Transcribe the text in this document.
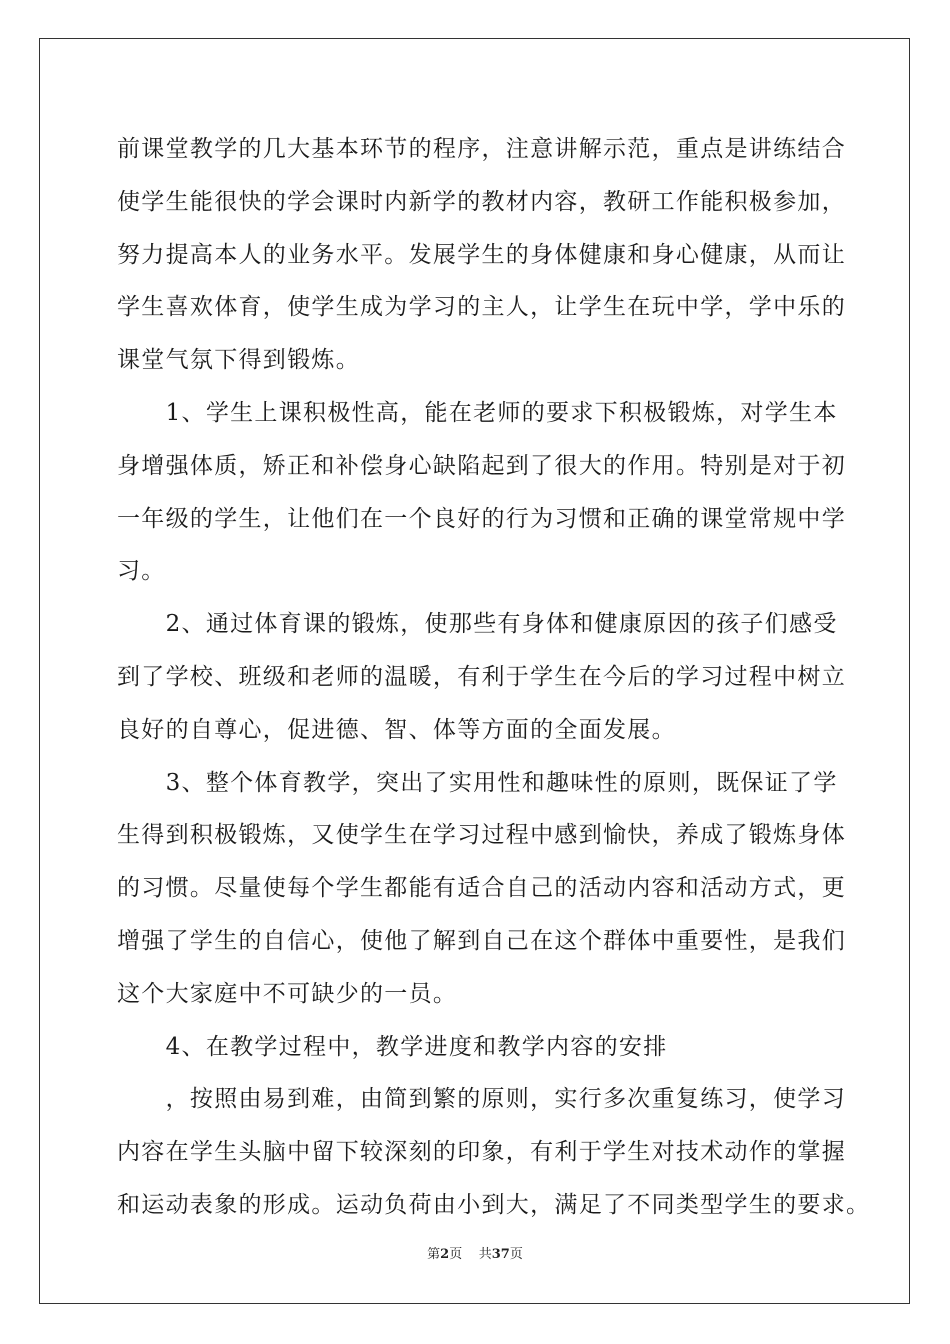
前课堂教学的几大基本环节的程序，注意讲解示范，重点是讲练结合
使学生能很快的学会课时内新学的教材内容，教研工作能积极参加，
努力提高本人的业务水平。发展学生的身体健康和身心健康，从而让
学生喜欢体育，使学生成为学习的主人，让学生在玩中学，学中乐的
课堂气氛下得到锻炼。
　　1、学生上课积极性高，能在老师的要求下积极锻炼，对学生本
身增强体质，矫正和补偿身心缺陷起到了很大的作用。特别是对于初
一年级的学生，让他们在一个良好的行为习惯和正确的课堂常规中学
习。
　　2、通过体育课的锻炼，使那些有身体和健康原因的孩子们感受
到了学校、班级和老师的温暖，有利于学生在今后的学习过程中树立
良好的自尊心，促进德、智、体等方面的全面发展。
　　3、整个体育教学，突出了实用性和趣味性的原则，既保证了学
生得到积极锻炼，又使学生在学习过程中感到愉快，养成了锻炼身体
的习惯。尽量使每个学生都能有适合自己的活动内容和活动方式，更
增强了学生的自信心，使他了解到自己在这个群体中重要性，是我们
这个大家庭中不可缺少的一员。
　　4、在教学过程中，教学进度和教学内容的安排
　　，按照由易到难，由简到繁的原则，实行多次重复练习，使学习
内容在学生头脑中留下较深刻的印象，有利于学生对技术动作的掌握
和运动表象的形成。运动负荷由小到大，满足了不同类型学生的要求。
第2页 共37页
